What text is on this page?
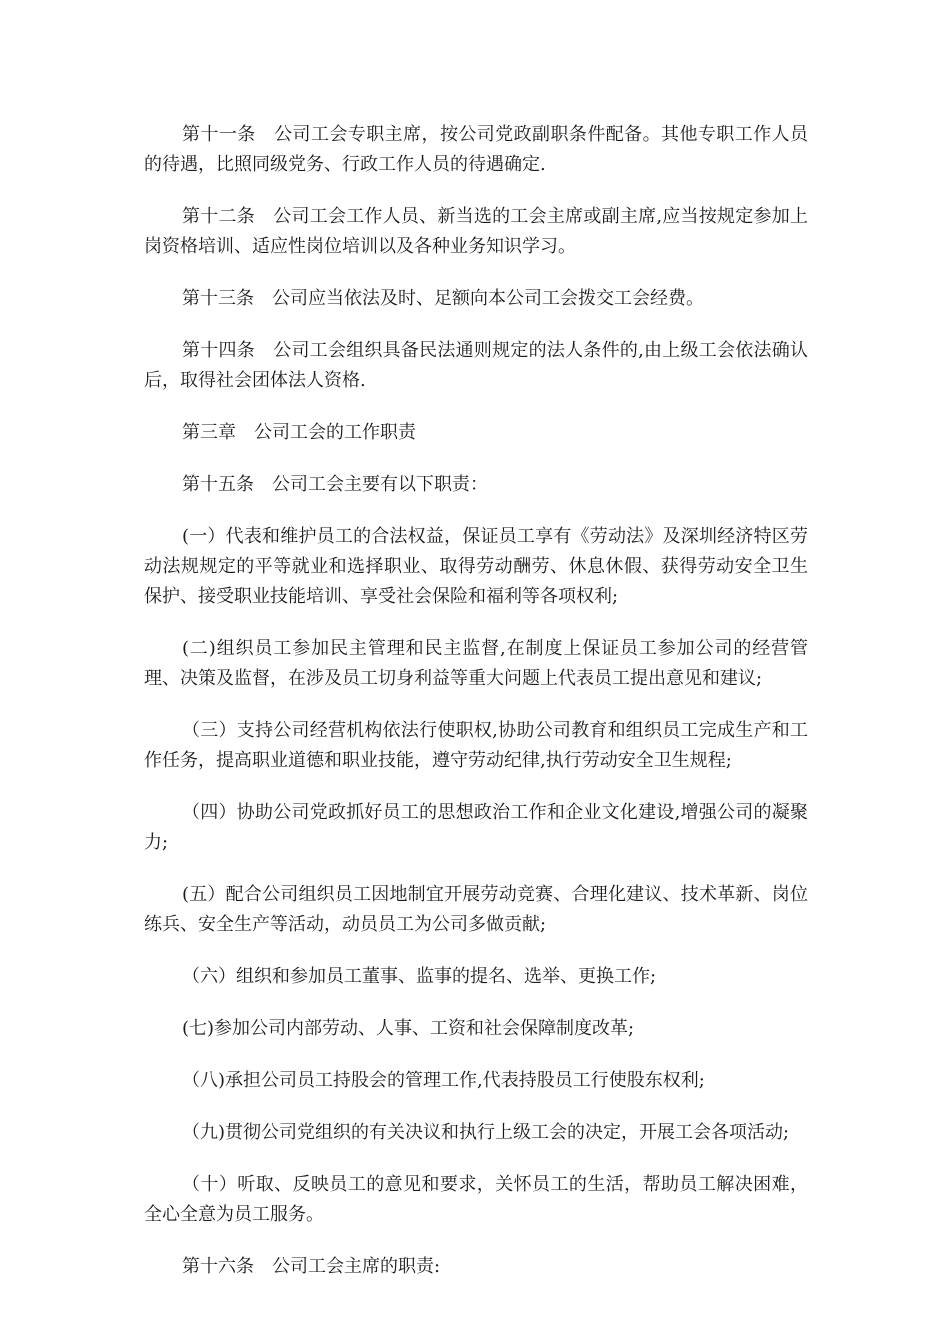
第十一条　公司工会专职主席，按公司党政副职条件配备。其他专职工作人员的待遇，比照同级党务、行政工作人员的待遇确定.

第十二条　公司工会工作人员、新当选的工会主席或副主席,应当按规定参加上岗资格培训、适应性岗位培训以及各种业务知识学习。

第十三条　公司应当依法及时、足额向本公司工会拨交工会经费。

第十四条　公司工会组织具备民法通则规定的法人条件的,由上级工会依法确认后，取得社会团体法人资格.

第三章　公司工会的工作职责

第十五条　公司工会主要有以下职责：

(一）代表和维护员工的合法权益，保证员工享有《劳动法》及深圳经济特区劳动法规规定的平等就业和选择职业、取得劳动酬劳、休息休假、获得劳动安全卫生保护、接受职业技能培训、享受社会保险和福利等各项权利;

(二)组织员工参加民主管理和民主监督,在制度上保证员工参加公司的经营管理、决策及监督，在涉及员工切身利益等重大问题上代表员工提出意见和建议;

（三）支持公司经营机构依法行使职权,协助公司教育和组织员工完成生产和工作任务，提高职业道德和职业技能，遵守劳动纪律,执行劳动安全卫生规程;

（四）协助公司党政抓好员工的思想政治工作和企业文化建设,增强公司的凝聚力;

(五）配合公司组织员工因地制宜开展劳动竞赛、合理化建议、技术革新、岗位练兵、安全生产等活动，动员员工为公司多做贡献;

（六）组织和参加员工董事、监事的提名、选举、更换工作;

(七)参加公司内部劳动、人事、工资和社会保障制度改革;

（八)承担公司员工持股会的管理工作,代表持股员工行使股东权利;

（九)贯彻公司党组织的有关决议和执行上级工会的决定，开展工会各项活动;

（十）听取、反映员工的意见和要求，关怀员工的生活，帮助员工解决困难，全心全意为员工服务。

第十六条　公司工会主席的职责:
